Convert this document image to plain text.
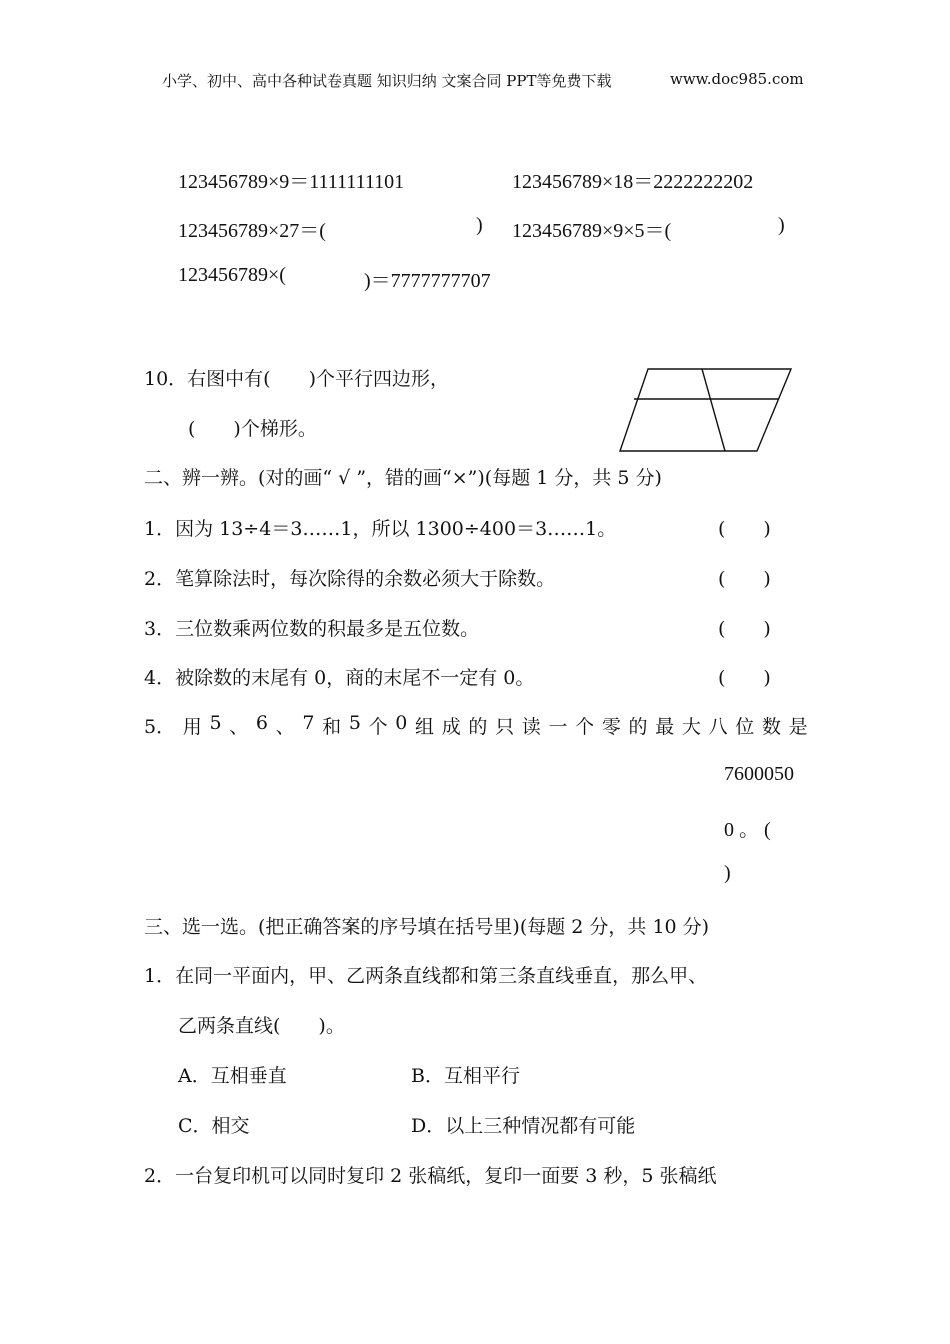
小学、初中、高中各种试卷真题 知识归纳 文案合同 PPT等免费下载	www.doc985.com
123456789×9＝1111111101	123456789×18＝2222222202
123456789×27＝(	) 123456789×9×5＝(	)
123456789×(	)＝7777777707
10．右图中有(　　)个平行四边形，
(　　)个梯形。
二、辨一辨。(对的画“ √ ”，错的画“×”)(每题 1 分，共 5 分)
1．因为 13÷4＝3……1，所以 1300÷400＝3……1。	(　　)
2．笔算除法时，每次除得的余数必须大于除数。	(　　)
3．三位数乘两位数的积最多是五位数。	(　　)
4．被除数的末尾有 0，商的末尾不一定有 0。	(　　)
5． 用 5 、 6 、 7 和 5 个 0 组 成 的 只 读 一 个 零 的 最 大 八 位 数 是
7600050
0 。 (
)
三、选一选。(把正确答案的序号填在括号里)(每题 2 分，共 10 分)
1．在同一平面内，甲、乙两条直线都和第三条直线垂直，那么甲、
乙两条直线(　　)。
A．互相垂直	B．互相平行
C．相交	D．以上三种情况都有可能
2．一台复印机可以同时复印 2 张稿纸，复印一面要 3 秒，5 张稿纸
